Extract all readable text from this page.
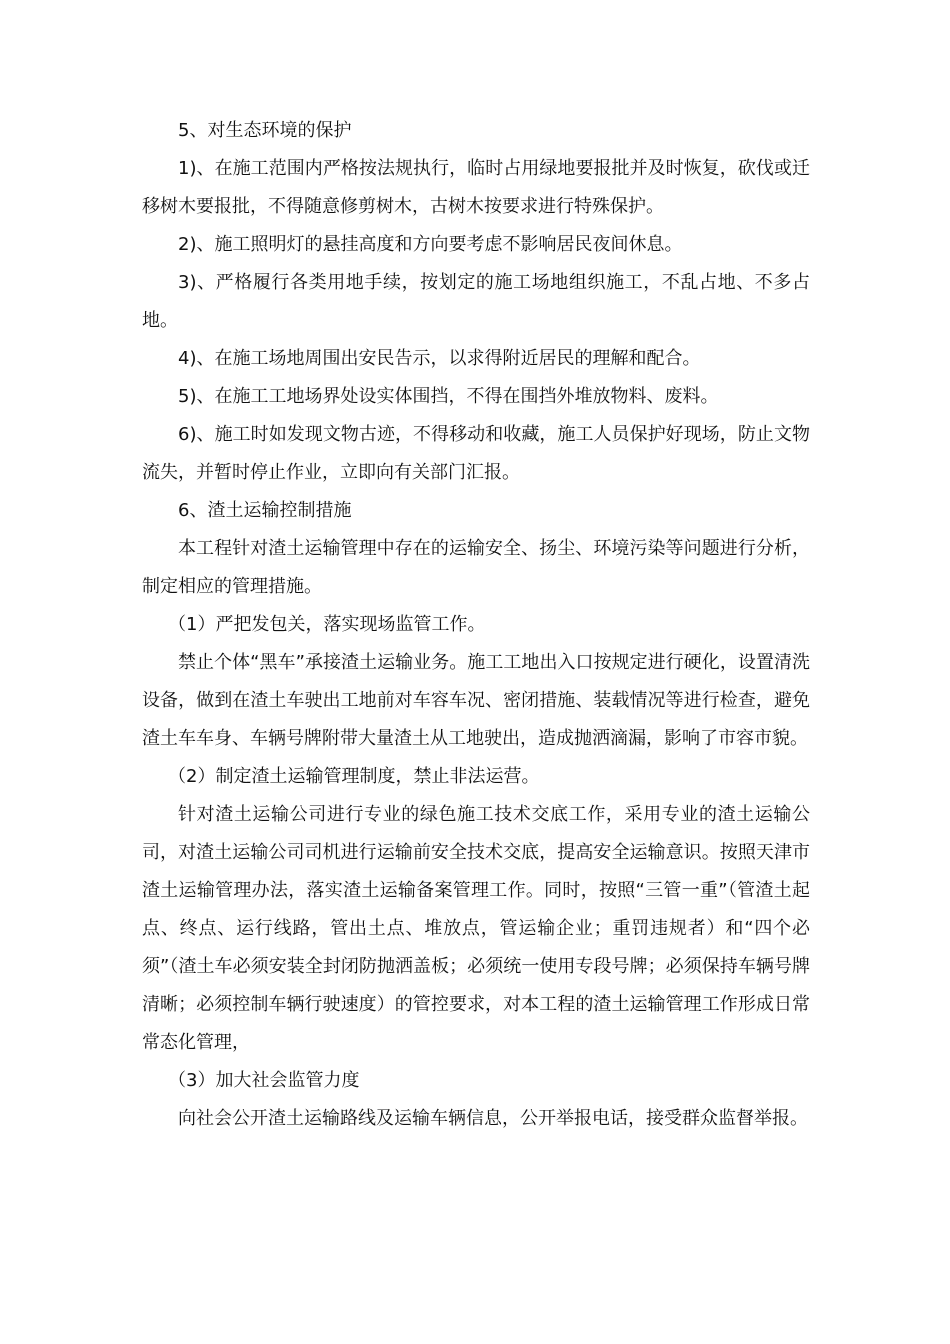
5、对生态环境的保护

1)、在施工范围内严格按法规执行，临时占用绿地要报批并及时恢复，砍伐或迁移树木要报批，不得随意修剪树木，古树木按要求进行特殊保护。

2)、施工照明灯的悬挂高度和方向要考虑不影响居民夜间休息。

3)、严格履行各类用地手续，按划定的施工场地组织施工，不乱占地、不多占地。

4)、在施工场地周围出安民告示，以求得附近居民的理解和配合。

5)、在施工工地场界处设实体围挡，不得在围挡外堆放物料、废料。

6)、施工时如发现文物古迹，不得移动和收藏，施工人员保护好现场，防止文物流失，并暂时停止作业，立即向有关部门汇报。

6、渣土运输控制措施

本工程针对渣土运输管理中存在的运输安全、扬尘、环境污染等问题进行分析，制定相应的管理措施。

（1）严把发包关，落实现场监管工作。

禁止个体“黑车”承接渣土运输业务。施工工地出入口按规定进行硬化，设置清洗设备，做到在渣土车驶出工地前对车容车况、密闭措施、装载情况等进行检查，避免渣土车车身、车辆号牌附带大量渣土从工地驶出，造成抛洒滴漏，影响了市容市貌。

（2）制定渣土运输管理制度，禁止非法运营。

针对渣土运输公司进行专业的绿色施工技术交底工作，采用专业的渣土运输公司，对渣土运输公司司机进行运输前安全技术交底，提高安全运输意识。按照天津市渣土运输管理办法，落实渣土运输备案管理工作。同时，按照“三管一重”（管渣土起点、终点、运行线路，管出土点、堆放点，管运输企业；重罚违规者）和“四个必须”（渣土车必须安装全封闭防抛洒盖板；必须统一使用专段号牌；必须保持车辆号牌清晰；必须控制车辆行驶速度）的管控要求，对本工程的渣土运输管理工作形成日常常态化管理，

（3）加大社会监管力度

向社会公开渣土运输路线及运输车辆信息，公开举报电话，接受群众监督举报。
